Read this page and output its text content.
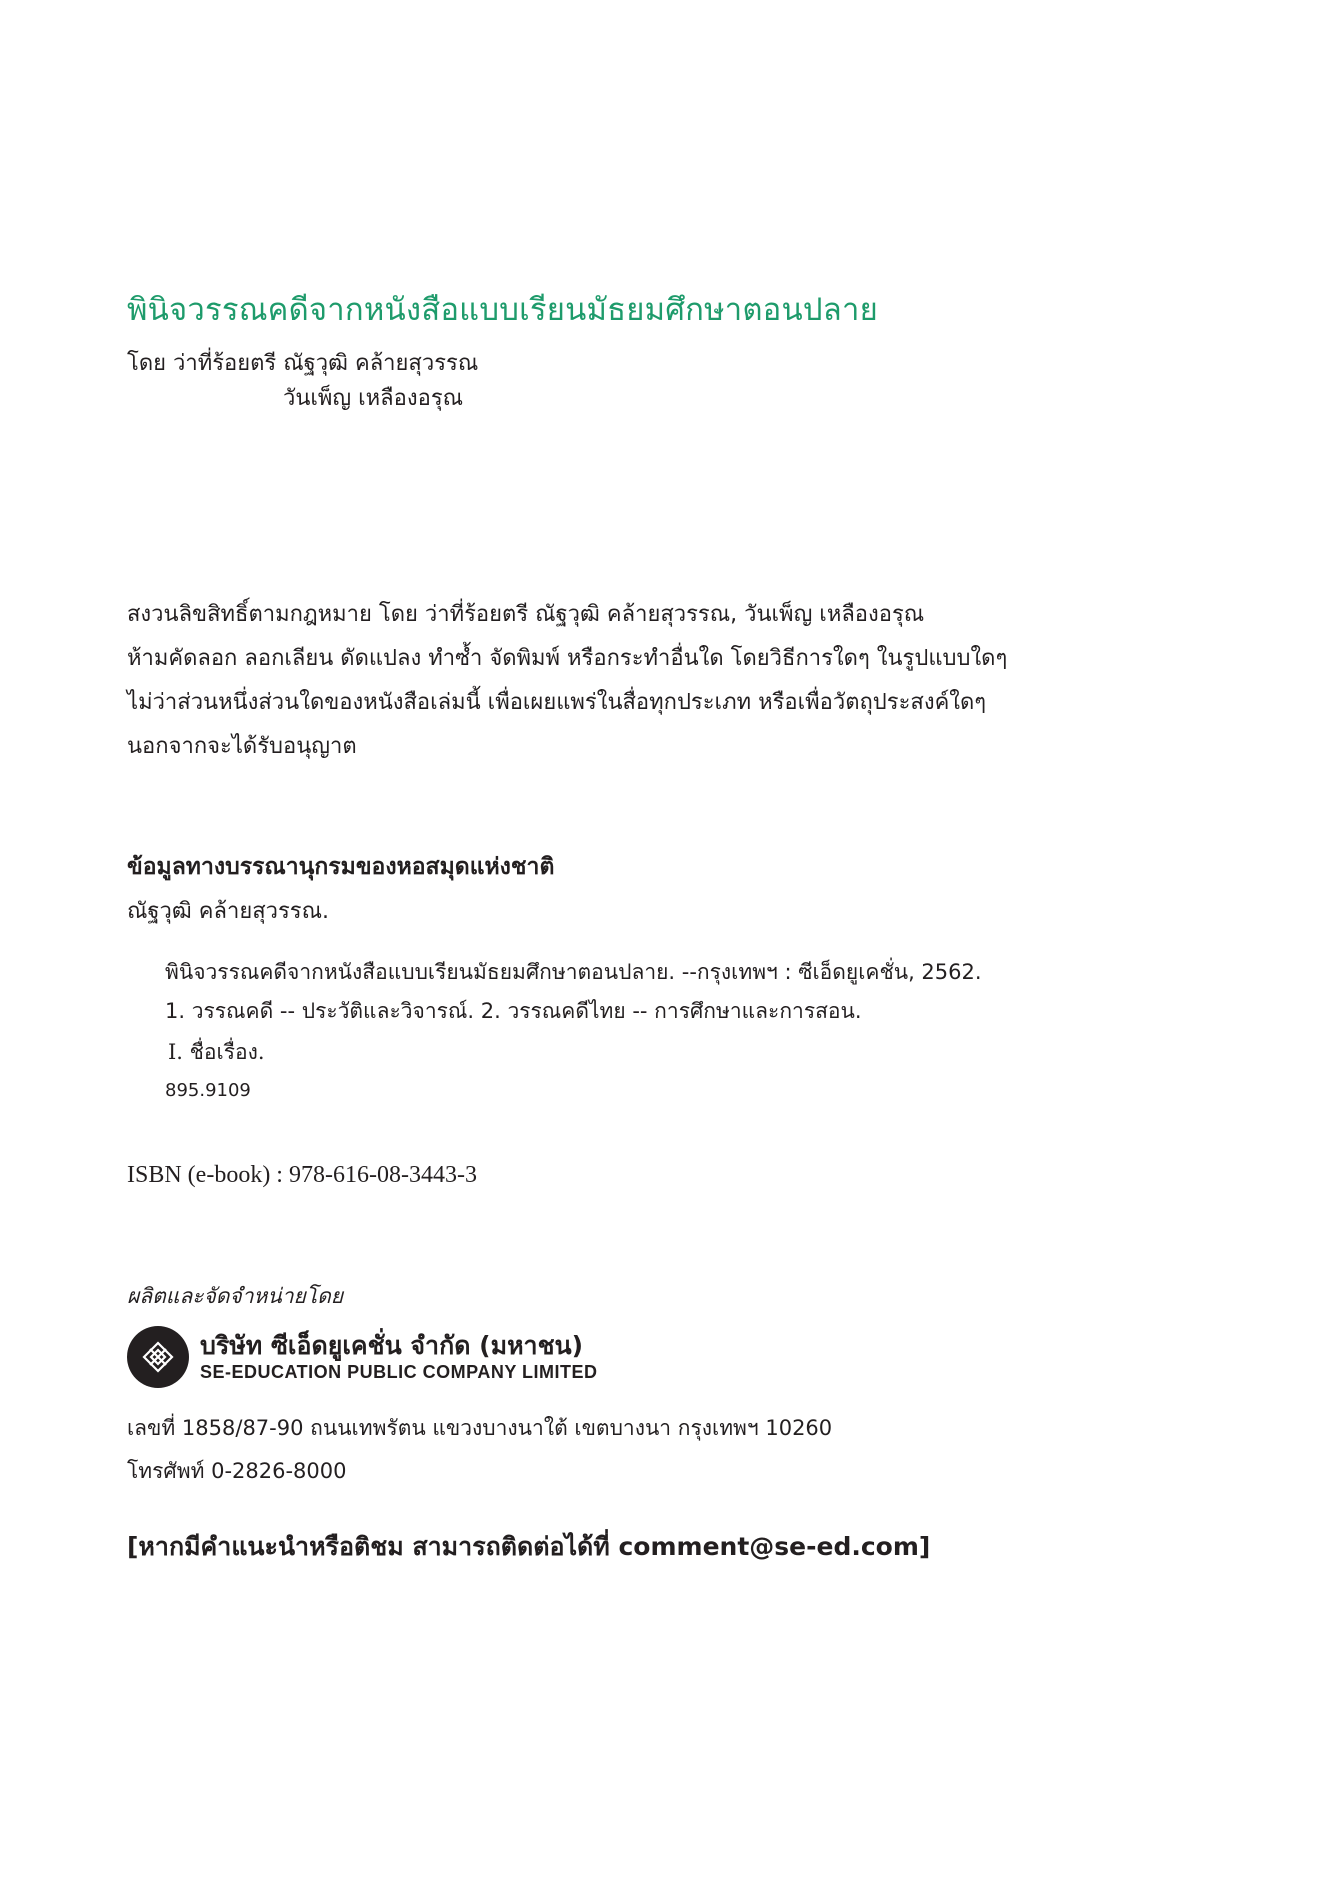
พินิจวรรณคดีจากหนังสือแบบเรียนมัธยมศึกษาตอนปลาย
โดย ว่าที่ร้อยตรี ณัฐวุฒิ คล้ายสุวรรณ
วันเพ็ญ เหลืองอรุณ
สงวนลิขสิทธิ์ตามกฎหมาย โดย ว่าที่ร้อยตรี ณัฐวุฒิ คล้ายสุวรรณ, วันเพ็ญ เหลืองอรุณ
ห้ามคัดลอก ลอกเลียน ดัดแปลง ทำซ้ำ จัดพิมพ์ หรือกระทำอื่นใด โดยวิธีการใดๆ ในรูปแบบใดๆ
ไม่ว่าส่วนหนึ่งส่วนใดของหนังสือเล่มนี้ เพื่อเผยแพร่ในสื่อทุกประเภท หรือเพื่อวัตถุประสงค์ใดๆ
นอกจากจะได้รับอนุญาต
ข้อมูลทางบรรณานุกรมของหอสมุดแห่งชาติ
ณัฐวุฒิ คล้ายสุวรรณ.
พินิจวรรณคดีจากหนังสือแบบเรียนมัธยมศึกษาตอนปลาย. --กรุงเทพฯ : ซีเอ็ดยูเคชั่น, 2562.
1. วรรณคดี -- ประวัติและวิจารณ์. 2. วรรณคดีไทย -- การศึกษาและการสอน.
I. ชื่อเรื่อง.
895.9109
ISBN (e-book) : 978-616-08-3443-3
ผลิตและจัดจำหน่ายโดย
บริษัท ซีเอ็ดยูเคชั่น จำกัด (มหาชน)
SE-EDUCATION PUBLIC COMPANY LIMITED
เลขที่ 1858/87-90 ถนนเทพรัตน แขวงบางนาใต้ เขตบางนา กรุงเทพฯ 10260
โทรศัพท์ 0-2826-8000
[หากมีคำแนะนำหรือติชม สามารถติดต่อได้ที่ comment@se-ed.com]
